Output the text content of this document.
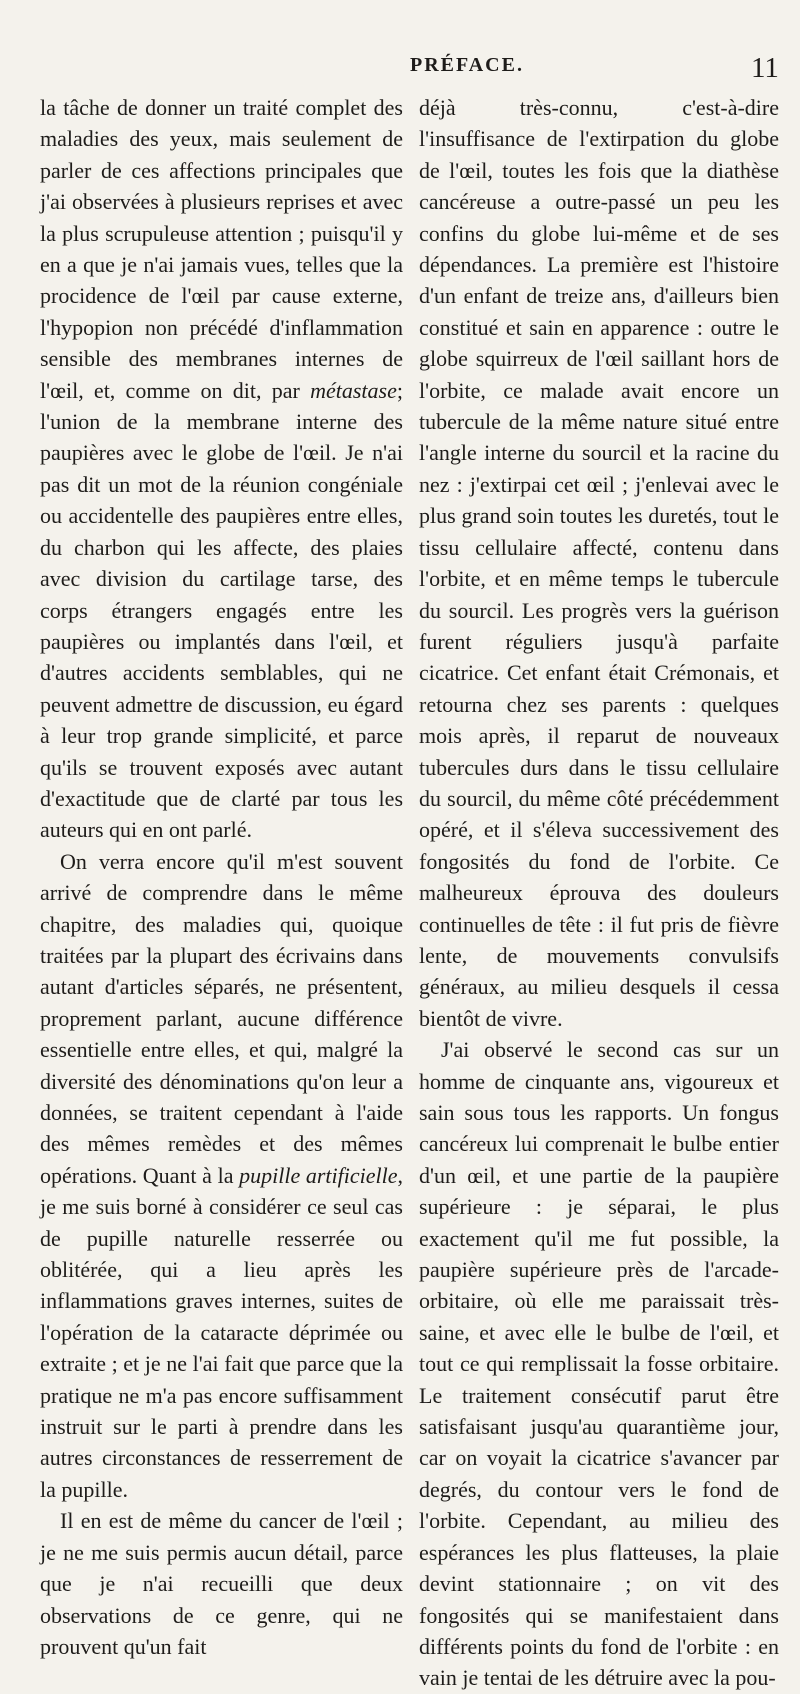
PRÉFACE.	11

la tâche de donner un traité complet des maladies des yeux, mais seulement de parler de ces affections principales que j'ai observées à plusieurs reprises et avec la plus scrupuleuse attention ; puisqu'il y en a que je n'ai jamais vues, telles que la procidence de l'œil par cause externe, l'hypopion non précédé d'inflammation sensible des membranes internes de l'œil, et, comme on dit, par métastase; l'union de la membrane interne des paupières avec le globe de l'œil. Je n'ai pas dit un mot de la réunion congéniale ou accidentelle des paupières entre elles, du charbon qui les affecte, des plaies avec division du cartilage tarse, des corps étrangers engagés entre les paupières ou implantés dans l'œil, et d'autres accidents semblables, qui ne peuvent admettre de discussion, eu égard à leur trop grande simplicité, et parce qu'ils se trouvent exposés avec autant d'exactitude que de clarté par tous les auteurs qui en ont parlé.

On verra encore qu'il m'est souvent arrivé de comprendre dans le même chapitre, des maladies qui, quoique traitées par la plupart des écrivains dans autant d'articles séparés, ne présentent, proprement parlant, aucune différence essentielle entre elles, et qui, malgré la diversité des dénominations qu'on leur a données, se traitent cependant à l'aide des mêmes remèdes et des mêmes opérations. Quant à la pupille artificielle, je me suis borné à considérer ce seul cas de pupille naturelle resserrée ou oblitérée, qui a lieu après les inflammations graves internes, suites de l'opération de la cataracte déprimée ou extraite ; et je ne l'ai fait que parce que la pratique ne m'a pas encore suffisamment instruit sur le parti à prendre dans les autres circonstances de resserrement de la pupille.

Il en est de même du cancer de l'œil ; je ne me suis permis aucun détail, parce que je n'ai recueilli que deux observations de ce genre, qui ne prouvent qu'un fait

déjà très-connu, c'est-à-dire l'insuffisance de l'extirpation du globe de l'œil, toutes les fois que la diathèse cancéreuse a outre-passé un peu les confins du globe lui-même et de ses dépendances. La première est l'histoire d'un enfant de treize ans, d'ailleurs bien constitué et sain en apparence : outre le globe squirreux de l'œil saillant hors de l'orbite, ce malade avait encore un tubercule de la même nature situé entre l'angle interne du sourcil et la racine du nez : j'extirpai cet œil ; j'enlevai avec le plus grand soin toutes les duretés, tout le tissu cellulaire affecté, contenu dans l'orbite, et en même temps le tubercule du sourcil. Les progrès vers la guérison furent réguliers jusqu'à parfaite cicatrice. Cet enfant était Crémonais, et retourna chez ses parents : quelques mois après, il reparut de nouveaux tubercules durs dans le tissu cellulaire du sourcil, du même côté précédemment opéré, et il s'éleva successivement des fongosités du fond de l'orbite. Ce malheureux éprouva des douleurs continuelles de tête : il fut pris de fièvre lente, de mouvements convulsifs généraux, au milieu desquels il cessa bientôt de vivre.

J'ai observé le second cas sur un homme de cinquante ans, vigoureux et sain sous tous les rapports. Un fongus cancéreux lui comprenait le bulbe entier d'un œil, et une partie de la paupière supérieure : je séparai, le plus exactement qu'il me fut possible, la paupière supérieure près de l'arcade-orbitaire, où elle me paraissait très-saine, et avec elle le bulbe de l'œil, et tout ce qui remplissait la fosse orbitaire. Le traitement consécutif parut être satisfaisant jusqu'au quarantième jour, car on voyait la cicatrice s'avancer par degrés, du contour vers le fond de l'orbite. Cependant, au milieu des espérances les plus flatteuses, la plaie devint stationnaire ; on vit des fongosités qui se manifestaient dans différents points du fond de l'orbite : en vain je tentai de les détruire avec la pou-
